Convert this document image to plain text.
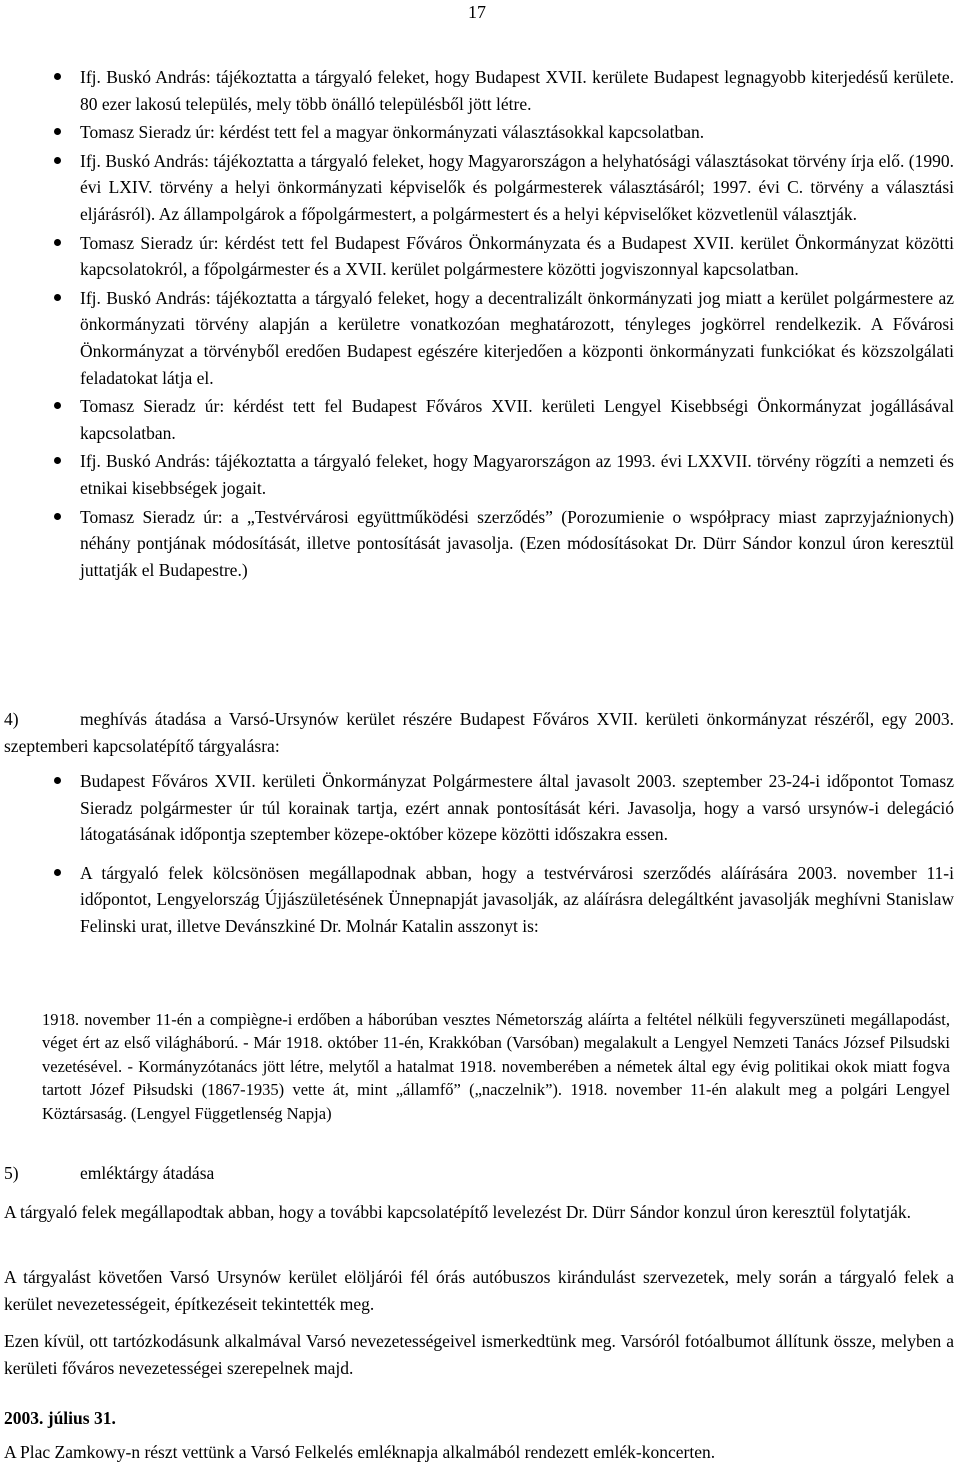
17
Ifj. Buskó András: tájékoztatta a tárgyaló feleket, hogy Budapest XVII. kerülete Budapest legnagyobb kiterjedésű kerülete. 80 ezer lakosú település, mely több önálló településből jött létre.
Tomasz Sieradz úr: kérdést tett fel a magyar önkormányzati választásokkal kapcsolatban.
Ifj. Buskó András: tájékoztatta a tárgyaló feleket, hogy Magyarországon a helyhatósági választásokat törvény írja elő. (1990. évi LXIV. törvény a helyi önkormányzati képviselők és polgármesterek választásáról; 1997. évi C. törvény a választási eljárásról). Az állampolgárok a főpolgármestert, a polgármestert és a helyi képviselőket közvetlenül választják.
Tomasz Sieradz úr: kérdést tett fel Budapest Főváros Önkormányzata és a Budapest XVII. kerület Önkormányzat közötti kapcsolatokról, a főpolgármester és a XVII. kerület polgármestere közötti jogviszonnyal kapcsolatban.
Ifj. Buskó András: tájékoztatta a tárgyaló feleket, hogy a decentralizált önkormányzati jog miatt a kerület polgármestere az önkormányzati törvény alapján a kerületre vonatkozóan meghatározott, tényleges jogkörrel rendelkezik. A Fővárosi Önkormányzat a törvényből eredően Budapest egészére kiterjedően a központi önkormányzati funkciókat és közszolgálati feladatokat látja el.
Tomasz Sieradz úr: kérdést tett fel Budapest Főváros XVII. kerületi Lengyel Kisebbségi Önkormányzat jogállásával kapcsolatban.
Ifj. Buskó András: tájékoztatta a tárgyaló feleket, hogy Magyarországon az 1993. évi LXXVII. törvény rögzíti a nemzeti és etnikai kisebbségek jogait.
Tomasz Sieradz úr: a „Testvérvárosi együttműködési szerződés” (Porozumienie o współpracy miast zaprzyjaźnionych) néhány pontjának módosítását, illetve pontosítását javasolja. (Ezen módosításokat Dr. Dürr Sándor konzul úron keresztül juttatják el Budapestre.)

4)	meghívás átadása a Varsó-Ursynów kerület részére Budapest Főváros XVII. kerületi önkormányzat részéről, egy 2003. szeptemberi kapcsolatépítő tárgyalásra:

Budapest Főváros XVII. kerületi Önkormányzat Polgármestere által javasolt 2003. szeptember 23-24-i időpontot Tomasz Sieradz polgármester úr túl korainak tartja, ezért annak pontosítását kéri. Javasolja, hogy a varsó ursynów-i delegáció látogatásának időpontja szeptember közepe-október közepe közötti időszakra essen.
A tárgyaló felek kölcsönösen megállapodnak abban, hogy a testvérvárosi szerződés aláírására 2003. november 11-i időpontot, Lengyelország Újjászületésének Ünnepnapját javasolják, az aláírásra delegáltként javasolják meghívni Stanislaw Felinski urat, illetve Devánszkiné Dr. Molnár Katalin asszonyt is:

1918. november 11-én a compiègne-i erdőben a háborúban vesztes Németország aláírta a feltétel nélküli fegyverszüneti megállapodást, véget ért az első világháború. - Már 1918. október 11-én, Krakkóban (Varsóban) megalakult a Lengyel Nemzeti Tanács József Pilsudski vezetésével. - Kormányzótanács jött létre, melytől a hatalmat 1918. novemberében a németek által egy évig politikai okok miatt fogva tartott Józef Piłsudski (1867-1935) vette át, mint „államfő” („naczelnik”). 1918. november 11-én alakult meg a polgári Lengyel Köztársaság. (Lengyel Függetlenség Napja)

5)	emléktárgy átadása

A tárgyaló felek megállapodtak abban, hogy a további kapcsolatépítő levelezést Dr. Dürr Sándor konzul úron keresztül folytatják.

A tárgyalást követően Varsó Ursynów kerület elöljárói fél órás autóbuszos kirándulást szervezetek, mely során a tárgyaló felek a kerület nevezetességeit, építkezéseit tekintették meg.

Ezen kívül, ott tartózkodásunk alkalmával Varsó nevezetességeivel ismerkedtünk meg. Varsóról fotóalbumot állítunk össze, melyben a kerületi főváros nevezetességei szerepelnek majd.

2003. július 31.

A Plac Zamkowy-n részt vettünk a Varsó Felkelés emléknapja alkalmából rendezett emlék-koncerten.
